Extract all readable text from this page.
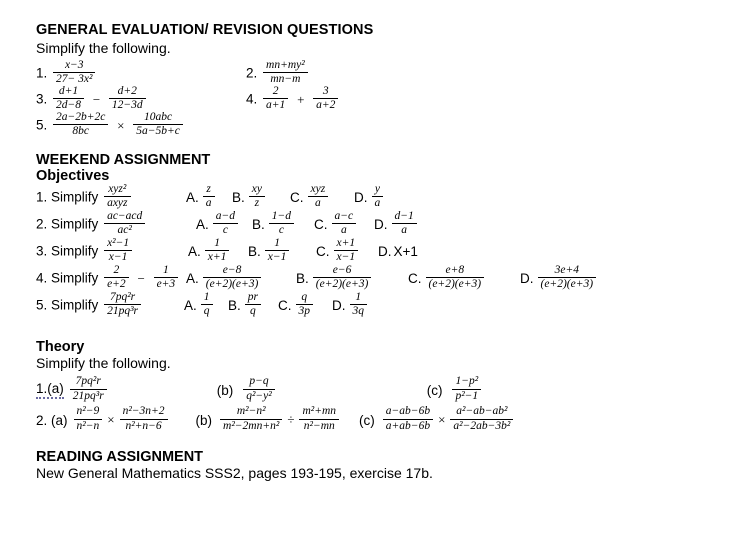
GENERAL EVALUATION/ REVISION QUESTIONS
Simplify the following.
1. $\frac{x-3}{\text{27− 3x²}}$	2. $\frac{\text{mn+my²}}{mn-m}$
3. $\frac{d+1}{2d-8} - \frac{d+2}{12-3d}$	4. $\frac{2}{a+1} + \frac{3}{a+2}$
5. $\frac{2a-2b+2c}{8bc} \times \frac{\text{10abc}}{5a-5b+c}$
WEEKEND ASSIGNMENT
Objectives
1. Simplify $\frac{\text{xyz²}}{\text{axyz}}$	A. $\frac{z}{a} B$. $\frac{xy}{z} C$. $\frac{\text{xyz}}{a} D$. $\frac{y}{a}$
2. Simplify $\frac{\text{ac−acd}}{\text{ac²}}$	A. $\frac{a-d}{c} B$. $\frac{1-d}{c} C$. $\frac{a-c}{a} D$. $\frac{d-1}{a}$
3. Simplify $\frac{\text{x²−1}}{x-1}$	A. $\frac{1}{x+1} B$. $\frac{1}{x-1} C$. $\frac{x+1}{x-1} D$. X+1
4. Simplify $\frac{2}{e+2} - \frac{1}{e+3} A$. $\frac{e-8}{(e+2)(e+3)}$	B. $\frac{e-6}{(e+2)(e+3)}$	C. $\frac{e+8}{(e+2)(e+3)}$	D. $\frac{3e+4}{(e+2)(e+3)}$
5. Simplify $\frac{\text{7pq²r}}{\text{21pq³r}}$	A. $\frac{1}{q} B$. $\frac{pr}{q} C$. $\frac{q}{3p} D$. $\frac{1}{3q}$
Theory
Simplify the following.
$1.(a) \frac{\text{7pq²r}}{\text{21pq³r}}$	$(b) \frac{p-q}{\text{q²−y²}}$	$(c) \frac{\text{1−p²}}{\text{p²−1}}$
2. $(a) \frac{\text{n²−9}}{\text{n²−n}} \times \frac{\text{n²−3n+2}}{\text{n²+n−6}} (b) \frac{\text{m²−n²}}{\text{m²−2mn+n²}} \div \frac{\text{m²+mn}}{\text{n²−mn}} (c) \frac{a-ab-6b}{a+ab-6b} \times \frac{\text{a²−ab−ab²}}{\text{a²−2ab−3b²}}$
READING ASSIGNMENT
New General Mathematics SSS2, pages 193-195, exercise 17b.
